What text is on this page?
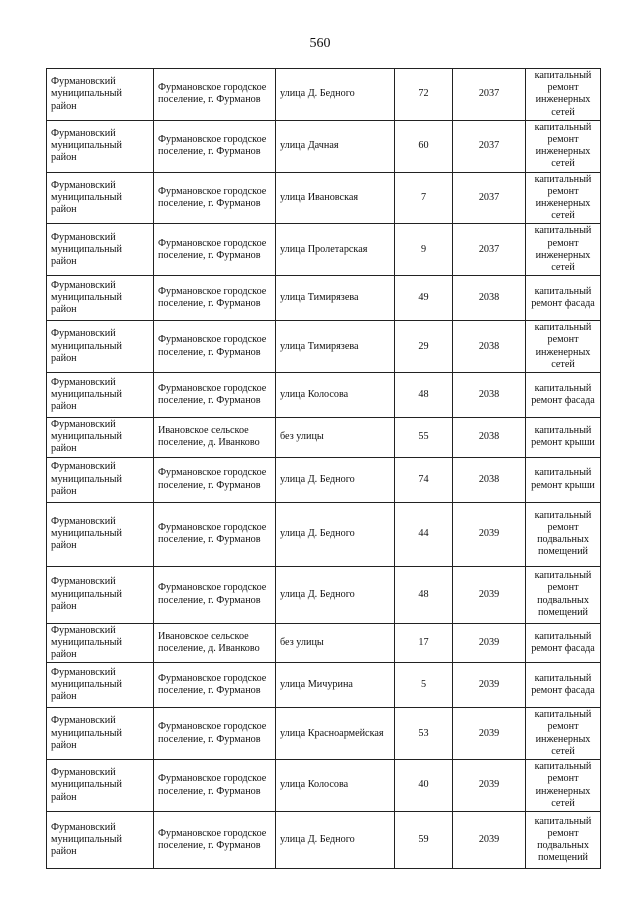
560
Фурмановский муниципальный район	Фурмановское городское поселение, г. Фурманов	улица Д. Бедного	72	2037	капитальный ремонт инженерных сетей
Фурмановский муниципальный район	Фурмановское городское поселение, г. Фурманов	улица Дачная	60	2037	капитальный ремонт инженерных сетей
Фурмановский муниципальный район	Фурмановское городское поселение, г. Фурманов	улица Ивановская	7	2037	капитальный ремонт инженерных сетей
Фурмановский муниципальный район	Фурмановское городское поселение, г. Фурманов	улица Пролетарская	9	2037	капитальный ремонт инженерных сетей
Фурмановский муниципальный район	Фурмановское городское поселение, г. Фурманов	улица Тимирязева	49	2038	капитальный ремонт фасада
Фурмановский муниципальный район	Фурмановское городское поселение, г. Фурманов	улица Тимирязева	29	2038	капитальный ремонт инженерных сетей
Фурмановский муниципальный район	Фурмановское городское поселение, г. Фурманов	улица Колосова	48	2038	капитальный ремонт фасада
Фурмановский муниципальный район	Ивановское сельское поселение, д. Иванково	без улицы	55	2038	капитальный ремонт крыши
Фурмановский муниципальный район	Фурмановское городское поселение, г. Фурманов	улица Д. Бедного	74	2038	капитальный ремонт крыши
Фурмановский муниципальный район	Фурмановское городское поселение, г. Фурманов	улица Д. Бедного	44	2039	капитальный ремонт подвальных помещений
Фурмановский муниципальный район	Фурмановское городское поселение, г. Фурманов	улица Д. Бедного	48	2039	капитальный ремонт подвальных помещений
Фурмановский муниципальный район	Ивановское сельское поселение, д. Иванково	без улицы	17	2039	капитальный ремонт фасада
Фурмановский муниципальный район	Фурмановское городское поселение, г. Фурманов	улица Мичурина	5	2039	капитальный ремонт фасада
Фурмановский муниципальный район	Фурмановское городское поселение, г. Фурманов	улица Красноармейская	53	2039	капитальный ремонт инженерных сетей
Фурмановский муниципальный район	Фурмановское городское поселение, г. Фурманов	улица Колосова	40	2039	капитальный ремонт инженерных сетей
Фурмановский муниципальный район	Фурмановское городское поселение, г. Фурманов	улица Д. Бедного	59	2039	капитальный ремонт подвальных помещений
